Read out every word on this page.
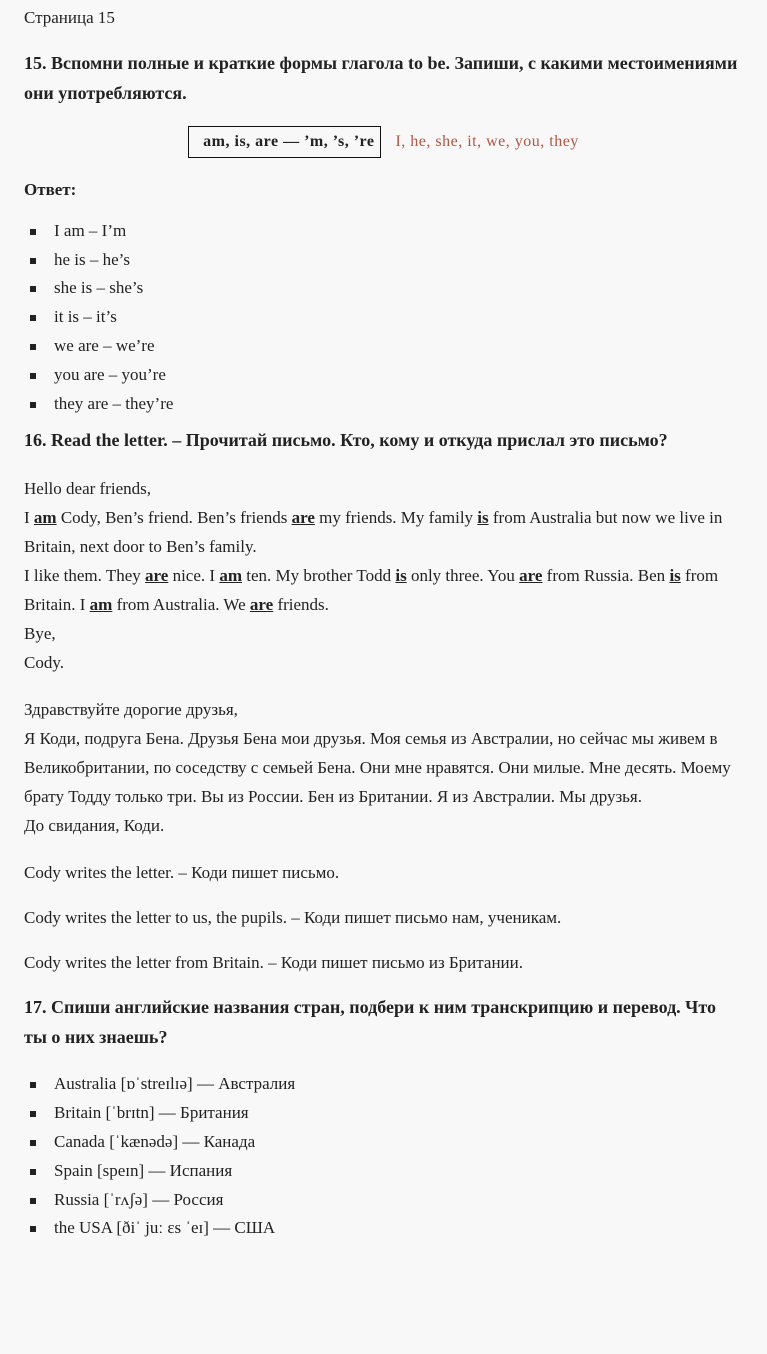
Страница 15
15. Вспомни полные и краткие формы глагола to be. Запиши, с какими местоимениями они употребляются.
am, is, are — ’m, ’s, ’re	I, he, she, it, we, you, they
Ответ:
I am – I’m
he is – he’s
she is – she’s
it is – it’s
we are – we’re
you are – you’re
they are – they’re
16. Read the letter. – Прочитай письмо. Кто, кому и откуда прислал это письмо?

Hello dear friends,

I am Cody, Ben’s friend. Ben’s friends are my friends. My family is from Australia but now we live in Britain, next door to Ben’s family.

I like them. They are nice. I am ten. My brother Todd is only three. You are from Russia. Ben is from Britain. I am from Australia. We are friends.

Bye,

Cody.

Здравствуйте дорогие друзья,

Я Коди, подруга Бена. Друзья Бена мои друзья. Моя семья из Австралии, но сейчас мы живем в Великобритании, по соседству с семьей Бена. Они мне нравятся. Они милые. Мне десять. Моему брату Тодду только три. Вы из России. Бен из Британии. Я из Австралии. Мы друзья.

До свидания, Коди.

Cody writes the letter. – Коди пишет письмо.

Cody writes the letter to us, the pupils. – Коди пишет письмо нам, ученикам.

Cody writes the letter from Britain. – Коди пишет письмо из Британии.

17. Спиши английские названия стран, подбери к ним транскрипцию и перевод. Что ты о них знаешь?
Australia [ɒˈstreɪlɪə] — Австралия
Britain [ˈbrɪtn] — Британия
Canada [ˈkænədə] — Канада
Spain [speɪn] — Испания
Russia [ˈrʌʃə] — Россия
the USA [ðiˈ juː ɛs ˈeɪ] — США
